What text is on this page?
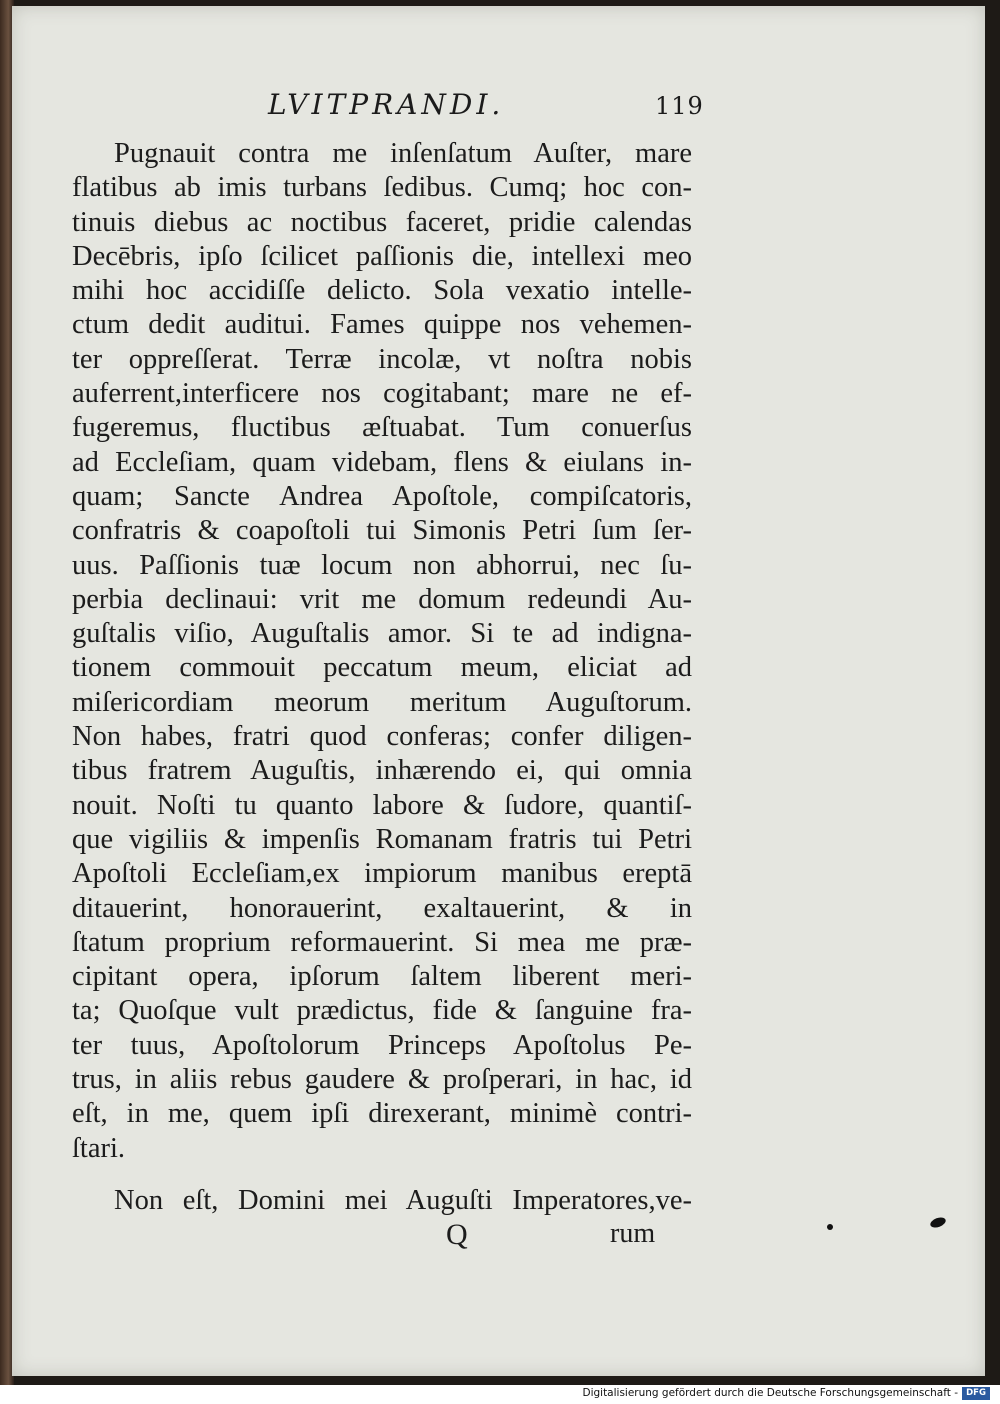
LVITPRANDI.	119
Pugnauit contra me inſenſatum Auſter, mare
flatibus ab imis turbans ſedibus. Cumq; hoc con-
tinuis diebus ac noctibus faceret, pridie calendas
Decēbris, ipſo ſcilicet paſſionis die, intellexi meo
mihi hoc accidiſſe delicto. Sola vexatio intelle-
ctum dedit auditui. Fames quippe nos vehemen-
ter oppreſſerat. Terræ incolæ, vt noſtra nobis
auferrent,interficere nos cogitabant; mare ne ef-
fugeremus, fluctibus æſtuabat. Tum conuerſus
ad Eccleſiam, quam videbam, flens & eiulans in-
quam; Sancte Andrea Apoſtole, compiſcatoris,
confratris & coapoſtoli tui Simonis Petri ſum ſer-
uus. Paſſionis tuæ locum non abhorrui, nec ſu-
perbia declinaui: vrit me domum redeundi Au-
guſtalis viſio, Auguſtalis amor. Si te ad indigna-
tionem commouit peccatum meum, eliciat ad
miſericordiam meorum meritum Auguſtorum.
Non habes, fratri quod conferas; confer diligen-
tibus fratrem Auguſtis, inhærendo ei, qui omnia
nouit. Noſti tu quanto labore & ſudore, quantiſ-
que vigiliis & impenſis Romanam fratris tui Petri
Apoſtoli Eccleſiam,ex impiorum manibus ereptā
ditauerint, honorauerint, exaltauerint, & in
ſtatum proprium reformauerint. Si mea me præ-
cipitant opera, ipſorum ſaltem liberent meri-
ta; Quoſque vult prædictus, fide & ſanguine fra-
ter tuus, Apoſtolorum Princeps Apoſtolus Pe-
trus, in aliis rebus gaudere & proſperari, in hac, id
eſt, in me, quem ipſi direxerant, minimè contri-
ſtari.
Non eſt, Domini mei Auguſti Imperatores,ve-
Q	rum
Digitalisierung gefördert durch die Deutsche Forschungsgemeinschaft - DFG
